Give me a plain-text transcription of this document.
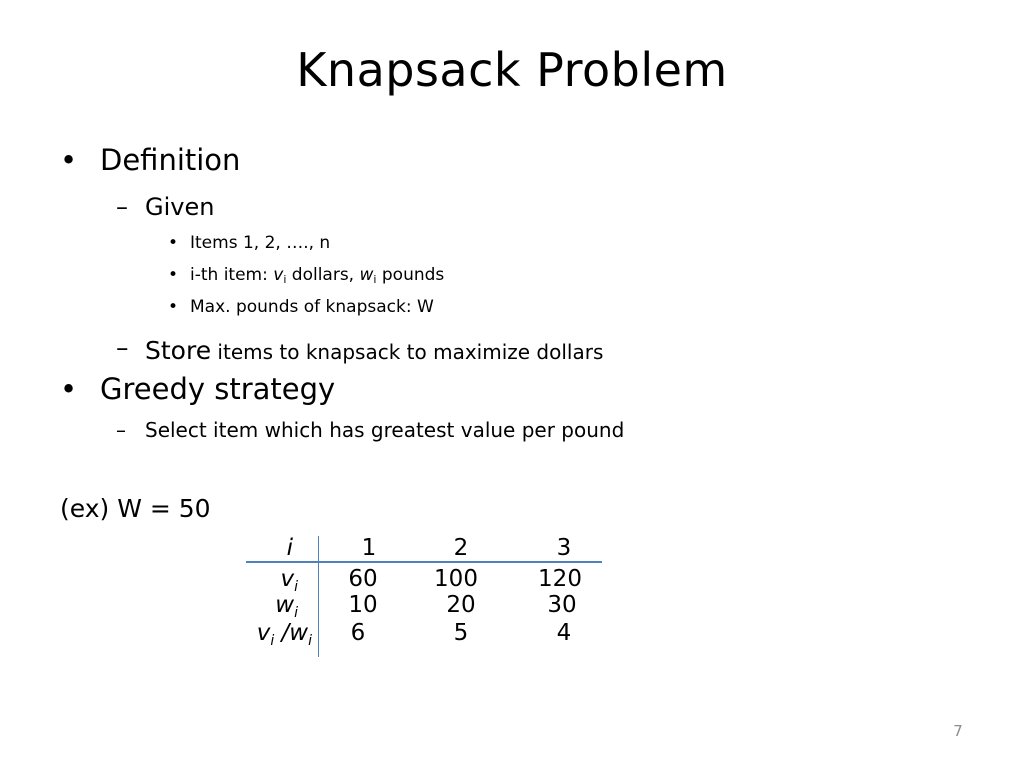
Knapsack Problem
• Definition
– Given
• Items 1, 2, …., n
• i-th item: $v_i$ dollars, $w_i$ pounds
• Max. pounds of knapsack: W
– Store items to knapsack to maximize dollars
• Greedy strategy
– Select item which has greatest value per pound
(ex) W = 50
i	1	2	3
$v_i$	60	100	120
$w_i$	10	20	30
$v_i$ $/w_i$	6	5	4
7
